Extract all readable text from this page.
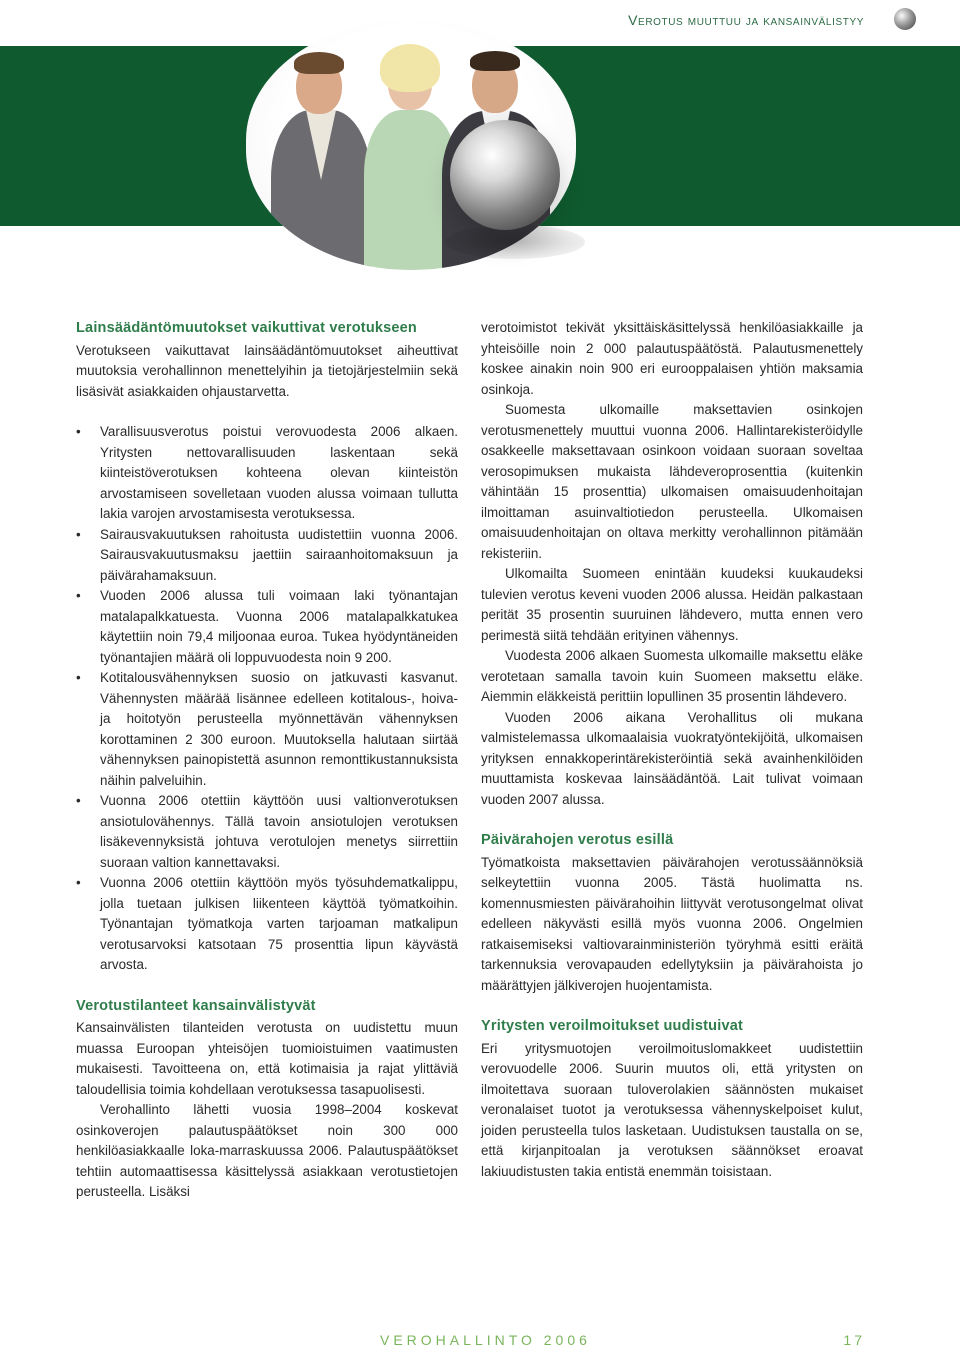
Verotus muuttuu ja kansainvälistyy
Lainsäädäntömuutokset vaikuttivat verotukseen

Verotukseen vaikuttavat lainsäädäntömuutokset aiheuttivat muutoksia verohallinnon menettelyihin ja tietojärjestelmiin sekä lisäsivät asiakkaiden ohjaustarvetta.

• Varallisuusverotus poistui verovuodesta 2006 alkaen. Yritysten nettovarallisuuden laskentaan sekä kiinteistöverotuksen kohteena olevan kiinteistön arvostamiseen sovelletaan vuoden alussa voimaan tullutta lakia varojen arvostamisesta verotuksessa.
• Sairausvakuutuksen rahoitusta uudistettiin vuonna 2006. Sairausvakuutusmaksu jaettiin sairaanhoitomaksuun ja päivärahamaksuun.
• Vuoden 2006 alussa tuli voimaan laki työnantajan matalapalkkatuesta. Vuonna 2006 matalapalkkatukea käytettiin noin 79,4 miljoonaa euroa. Tukea hyödyntäneiden työnantajien määrä oli loppuvuodesta noin 9 200.
• Kotitalousvähennyksen suosio on jatkuvasti kasvanut. Vähennysten määrää lisännee edelleen kotitalous-, hoiva- ja hoitotyön perusteella myönnettävän vähennyksen korottaminen 2 300 euroon. Muutoksella halutaan siirtää vähennyksen painopistettä asunnon remonttikustannuksista näihin palveluihin.
• Vuonna 2006 otettiin käyttöön uusi valtionverotuksen ansiotulovähennys. Tällä tavoin ansiotulojen verotuksen lisäkevennyksistä johtuva verotulojen menetys siirrettiin suoraan valtion kannettavaksi.
• Vuonna 2006 otettiin käyttöön myös työsuhdematkalippu, jolla tuetaan julkisen liikenteen käyttöä työmatkoihin. Työnantajan työmatkoja varten tarjoaman matkalipun verotusarvoksi katsotaan 75 prosenttia lipun käyvästä arvosta.
Verotustilanteet kansainvälistyvät

Kansainvälisten tilanteiden verotusta on uudistettu muun muassa Euroopan yhteisöjen tuomioistuimen vaatimusten mukaisesti. Tavoitteena on, että kotimaisia ja rajat ylittäviä taloudellisia toimia kohdellaan verotuksessa tasapuolisesti.

Verohallinto lähetti vuosia 1998–2004 koskevat osinkoverojen palautuspäätökset noin 300 000 henkilöasiakkaalle loka-marraskuussa 2006. Palautuspäätökset tehtiin automaattisessa käsittelyssä asiakkaan verotustietojen perusteella. Lisäksi

verotoimistot tekivät yksittäiskäsittelyssä henkilöasiakkaille ja yhteisöille noin 2 000 palautuspäätöstä. Palautusmenettely koskee ainakin noin 900 eri eurooppalaisen yhtiön maksamia osinkoja.

Suomesta ulkomaille maksettavien osinkojen verotusmenettely muuttui vuonna 2006. Hallintarekisteröidylle osakkeelle maksettavaan osinkoon voidaan suoraan soveltaa verosopimuksen mukaista lähdeveroprosenttia (kuitenkin vähintään 15 prosenttia) ulkomaisen omaisuudenhoitajan ilmoittaman asuinvaltiotiedon perusteella. Ulkomaisen omaisuudenhoitajan on oltava merkitty verohallinnon pitämään rekisteriin.

Ulkomailta Suomeen enintään kuudeksi kuukaudeksi tulevien verotus keveni vuoden 2006 alussa. Heidän palkastaan perität 35 prosentin suuruinen lähdevero, mutta ennen vero perimestä siitä tehdään erityinen vähennys.

Vuodesta 2006 alkaen Suomesta ulkomaille maksettu eläke verotetaan samalla tavoin kuin Suomeen maksettu eläke. Aiemmin eläkkeistä perittiin lopullinen 35 prosentin lähdevero.

Vuoden 2006 aikana Verohallitus oli mukana valmistelemassa ulkomaalaisia vuokratyöntekijöitä, ulkomaisen yrityksen ennakkoperintärekisteröintiä sekä avainhenkilöiden muuttamista koskevaa lainsäädäntöä. Lait tulivat voimaan vuoden 2007 alussa.

Päivärahojen verotus esillä

Työmatkoista maksettavien päivärahojen verotussäännöksiä selkeytettiin vuonna 2005. Tästä huolimatta ns. komennusmiesten päivärahoihin liittyvät verotusongelmat olivat edelleen näkyvästi esillä myös vuonna 2006. Ongelmien ratkaisemiseksi valtiovarainministeriön työryhmä esitti eräitä tarkennuksia verovapauden edellytyksiin ja päivärahoista jo määrättyjen jälkiverojen huojentamista.

Yritysten veroilmoitukset uudistuivat

Eri yritysmuotojen veroilmoituslomakkeet uudistettiin verovuodelle 2006. Suurin muutos oli, että yritysten on ilmoitettava suoraan tuloverolakien säännösten mukaiset veronalaiset tuotot ja verotuksessa vähennyskelpoiset kulut, joiden perusteella tulos lasketaan. Uudistuksen taustalla on se, että kirjanpitoalan ja verotuksen säännökset eroavat lakiuudistusten takia entistä enemmän toisistaan.

VEROHALLINTO 2006	17
